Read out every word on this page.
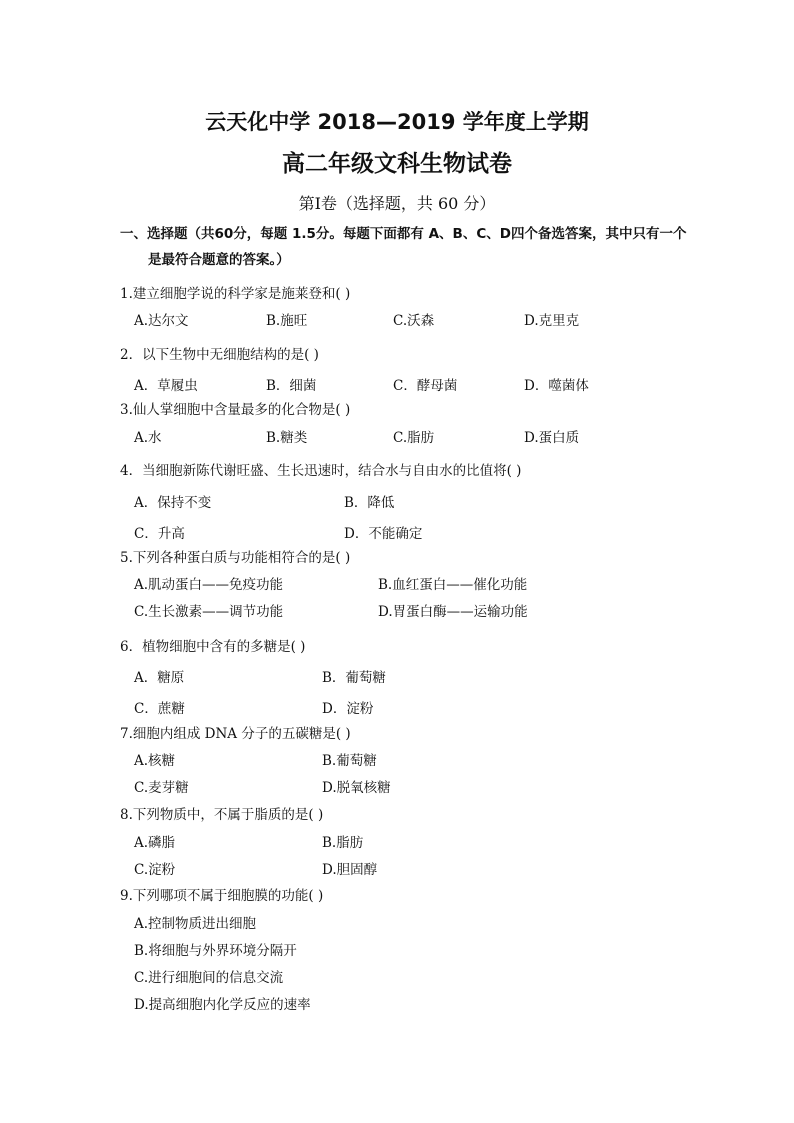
云天化中学 2018—2019 学年度上学期
高二年级文科生物试卷
第Ⅰ卷（选择题，共 60 分）
一、选择题（共60分，每题 1.5分。每题下面都有 A、B、C、D四个备选答案，其中只有一个
是最符合题意的答案。）
1.建立细胞学说的科学家是施莱登和( )
A.达尔文	B.施旺	C.沃森	D.克里克
2．以下生物中无细胞结构的是( )
A．草履虫	B．细菌	C．酵母菌	D．噬菌体
3.仙人掌细胞中含量最多的化合物是( )
A.水	B.糖类	C.脂肪	D.蛋白质
4．当细胞新陈代谢旺盛、生长迅速时，结合水与自由水的比值将( )
A．保持不变	B．降低
C．升高	D．不能确定
5.下列各种蛋白质与功能相符合的是( )
A.肌动蛋白——免疫功能	B.血红蛋白——催化功能
C.生长激素——调节功能	D.胃蛋白酶——运输功能
6．植物细胞中含有的多糖是( )
A．糖原	B．葡萄糖
C．蔗糖	D．淀粉
7.细胞内组成 DNA 分子的五碳糖是( )
A.核糖	B.葡萄糖
C.麦芽糖	D.脱氧核糖
8.下列物质中，不属于脂质的是( )
A.磷脂	B.脂肪
C.淀粉	D.胆固醇
9.下列哪项不属于细胞膜的功能( )
A.控制物质进出细胞
B.将细胞与外界环境分隔开
C.进行细胞间的信息交流
D.提高细胞内化学反应的速率
